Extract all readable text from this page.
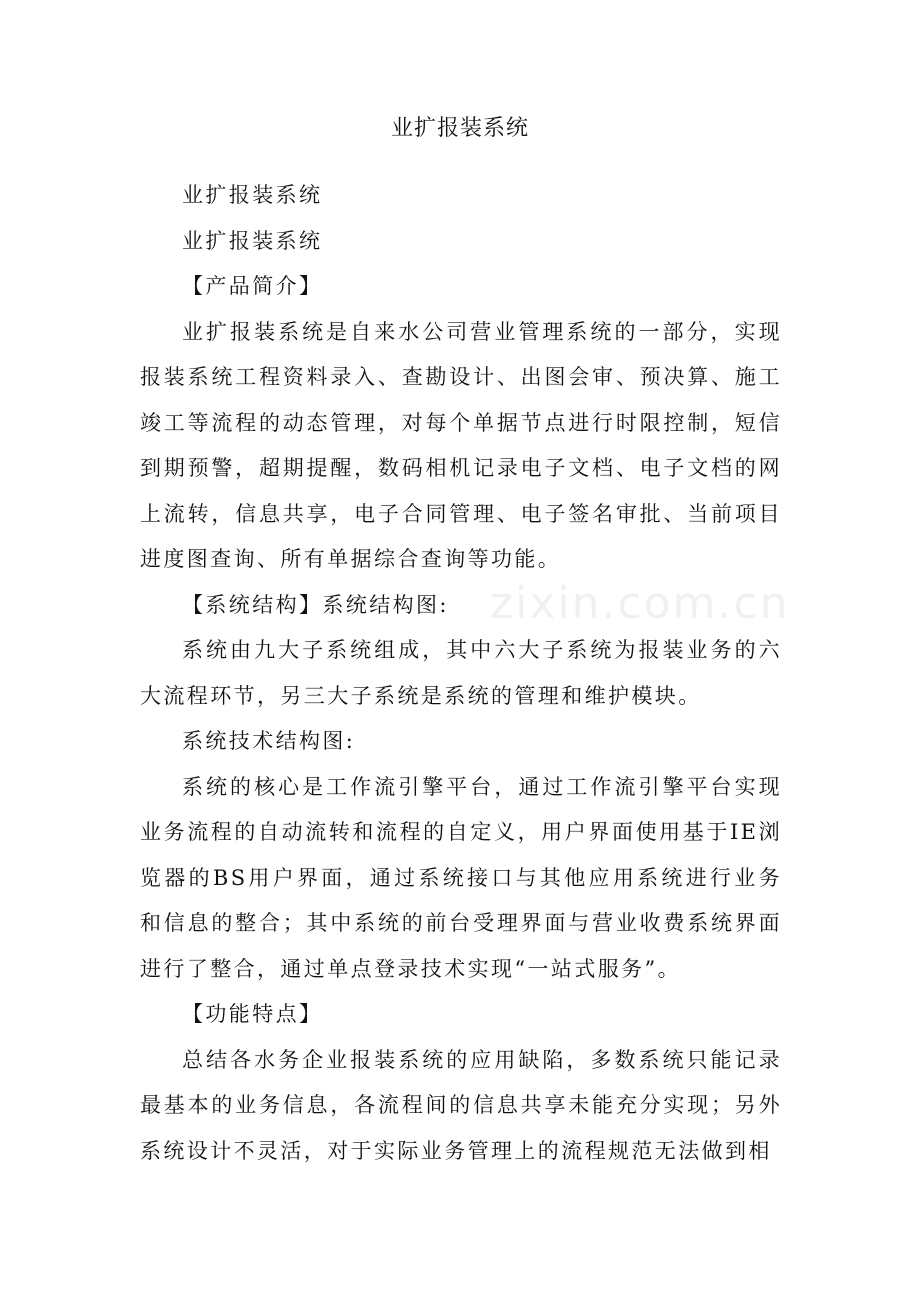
业扩报装系统

业扩报装系统

业扩报装系统

【产品简介】

业扩报装系统是自来水公司营业管理系统的一部分，实现报装系统工程资料录入、查勘设计、出图会审、预决算、施工竣工等流程的动态管理，对每个单据节点进行时限控制，短信到期预警，超期提醒，数码相机记录电子文档、电子文档的网上流转，信息共享，电子合同管理、电子签名审批、当前项目进度图查询、所有单据综合查询等功能。

【系统结构】系统结构图:

系统由九大子系统组成，其中六大子系统为报装业务的六大流程环节，另三大子系统是系统的管理和维护模块。

系统技术结构图:

系统的核心是工作流引擎平台，通过工作流引擎平台实现业务流程的自动流转和流程的自定义，用户界面使用基于IE浏览器的BS用户界面，通过系统接口与其他应用系统进行业务和信息的整合；其中系统的前台受理界面与营业收费系统界面进行了整合，通过单点登录技术实现“一站式服务”。

【功能特点】

总结各水务企业报装系统的应用缺陷，多数系统只能记录最基本的业务信息，各流程间的信息共享未能充分实现；另外系统设计不灵活，对于实际业务管理上的流程规范无法做到相

zixin.com.cn
